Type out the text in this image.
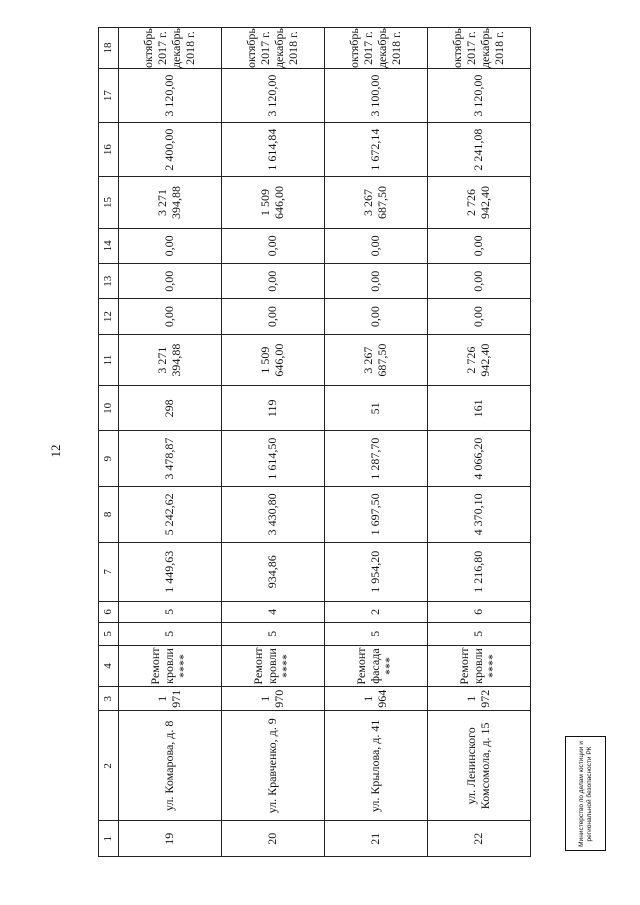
12
1	2	3	4	5	6	7	8	9	10	11	12	13	14	15	16	17	18
19	ул. Комарова, д. 8	1 971	Ремонт кровли ****	5	5	1 449,63	5 242,62	3 478,87	298	3 271 394,88	0,00	0,00	0,00	3 271 394,88	2 400,00	3 120,00	октябрь 2017 г. декабрь 2018 г.
20	ул. Кравченко, д. 9	1 970	Ремонт кровли ****	5	4	934,86	3 430,80	1 614,50	119	1 509 646,00	0,00	0,00	0,00	1 509 646,00	1 614,84	3 120,00	октябрь 2017 г. декабрь 2018 г.
21	ул. Крылова, д. 41	1 964	Ремонт фасада ***	5	2	1 954,20	1 697,50	1 287,70	51	3 267 687,50	0,00	0,00	0,00	3 267 687,50	1 672,14	3 100,00	октябрь 2017 г. декабрь 2018 г.
22	ул. Ленинского Комсомола, д. 15	1 972	Ремонт кровли ****	5	6	1 216,80	4 370,10	4 066,20	161	2 726 942,40	0,00	0,00	0,00	2 726 942,40	2 241,08	3 120,00	октябрь 2017 г. декабрь 2018 г.
Министерство по делам юстиции и региональной безопасности РК
